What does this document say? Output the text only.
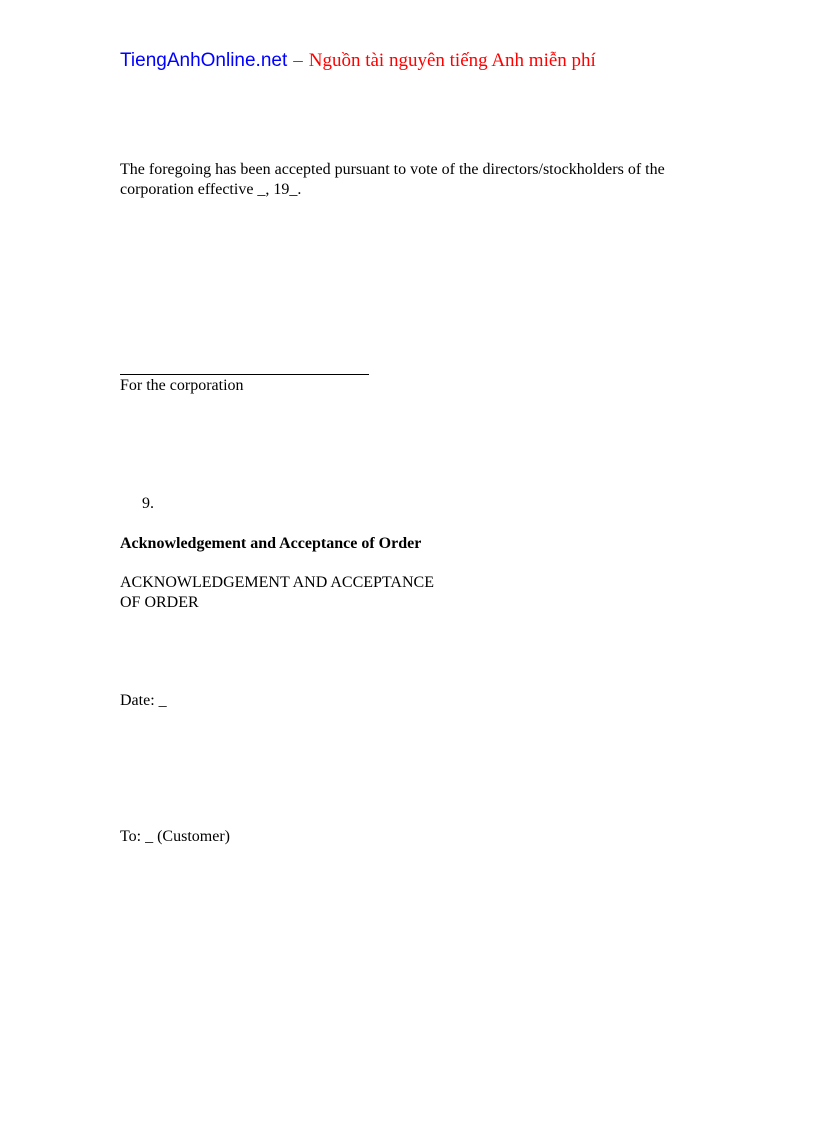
TiengAnhOnline.net – Nguồn tài nguyên tiếng Anh miễn phí
The foregoing has been accepted pursuant to vote of the directors/stockholders of the
corporation effective _, 19_.
For the corporation
9.
Acknowledgement and Acceptance of Order
ACKNOWLEDGEMENT AND ACCEPTANCE
OF ORDER
Date: _
To: _ (Customer)
